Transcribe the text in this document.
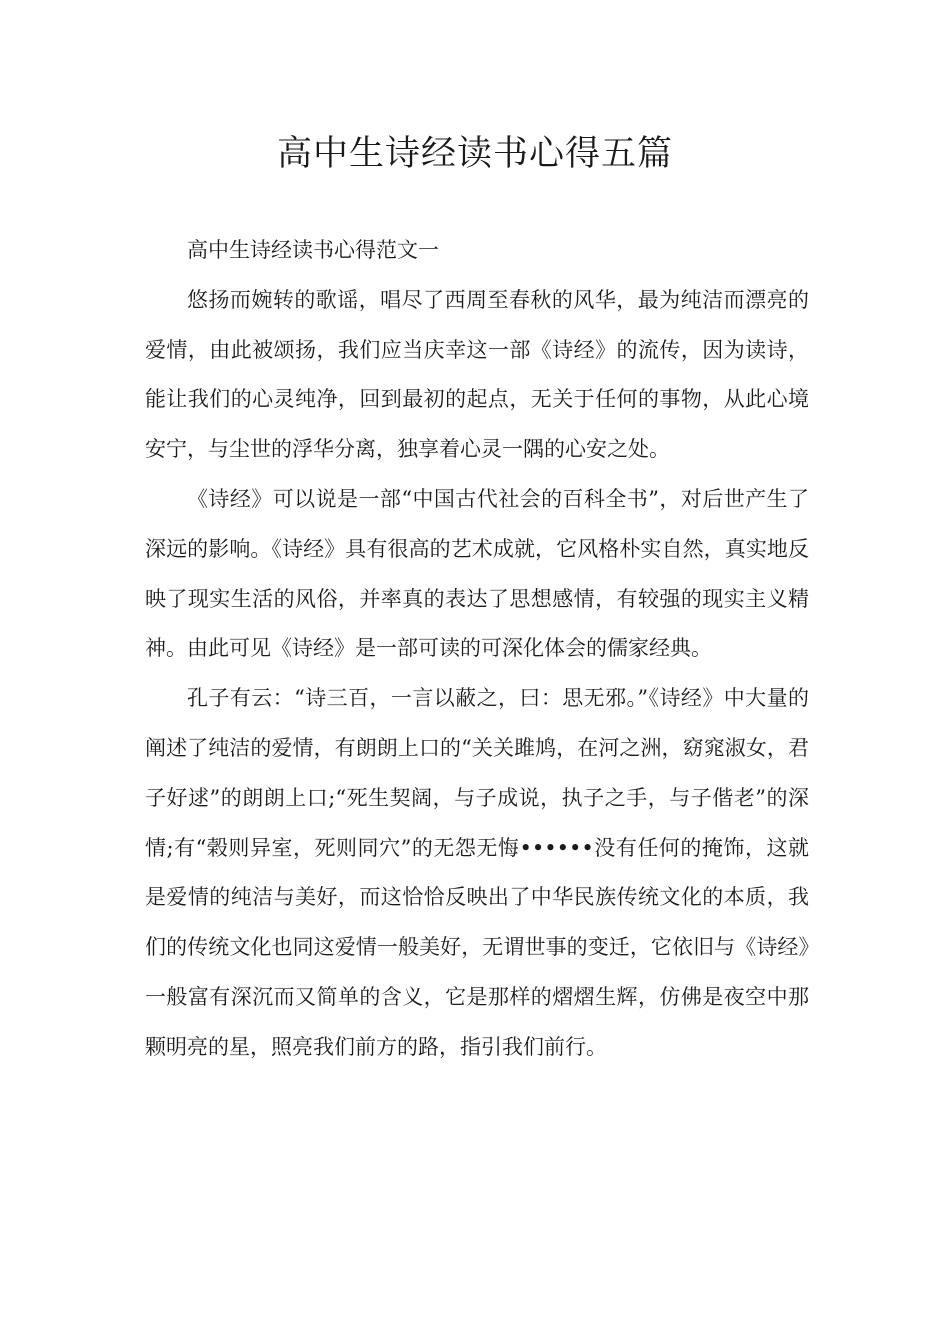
高中生诗经读书心得五篇

高中生诗经读书心得范文一

悠扬而婉转的歌谣，唱尽了西周至春秋的风华，最为纯洁而漂亮的爱情，由此被颂扬，我们应当庆幸这一部《诗经》的流传，因为读诗，能让我们的心灵纯净，回到最初的起点，无关于任何的事物，从此心境安宁，与尘世的浮华分离，独享着心灵一隅的心安之处。

《诗经》可以说是一部“中国古代社会的百科全书”，对后世产生了深远的影响。《诗经》具有很高的艺术成就，它风格朴实自然，真实地反映了现实生活的风俗，并率真的表达了思想感情，有较强的现实主义精神。由此可见《诗经》是一部可读的可深化体会的儒家经典。

孔子有云：“诗三百，一言以蔽之，曰：思无邪。”《诗经》中大量的阐述了纯洁的爱情，有朗朗上口的“关关雎鸠，在河之洲，窈窕淑女，君子好逑”的朗朗上口;“死生契阔，与子成说，执子之手，与子偕老”的深情;有“榖则异室，死则同穴”的无怨无悔••••••没有任何的掩饰，这就是爱情的纯洁与美好，而这恰恰反映出了中华民族传统文化的本质，我们的传统文化也同这爱情一般美好，无谓世事的变迁，它依旧与《诗经》一般富有深沉而又简单的含义，它是那样的熠熠生辉，仿佛是夜空中那颗明亮的星，照亮我们前方的路，指引我们前行。
